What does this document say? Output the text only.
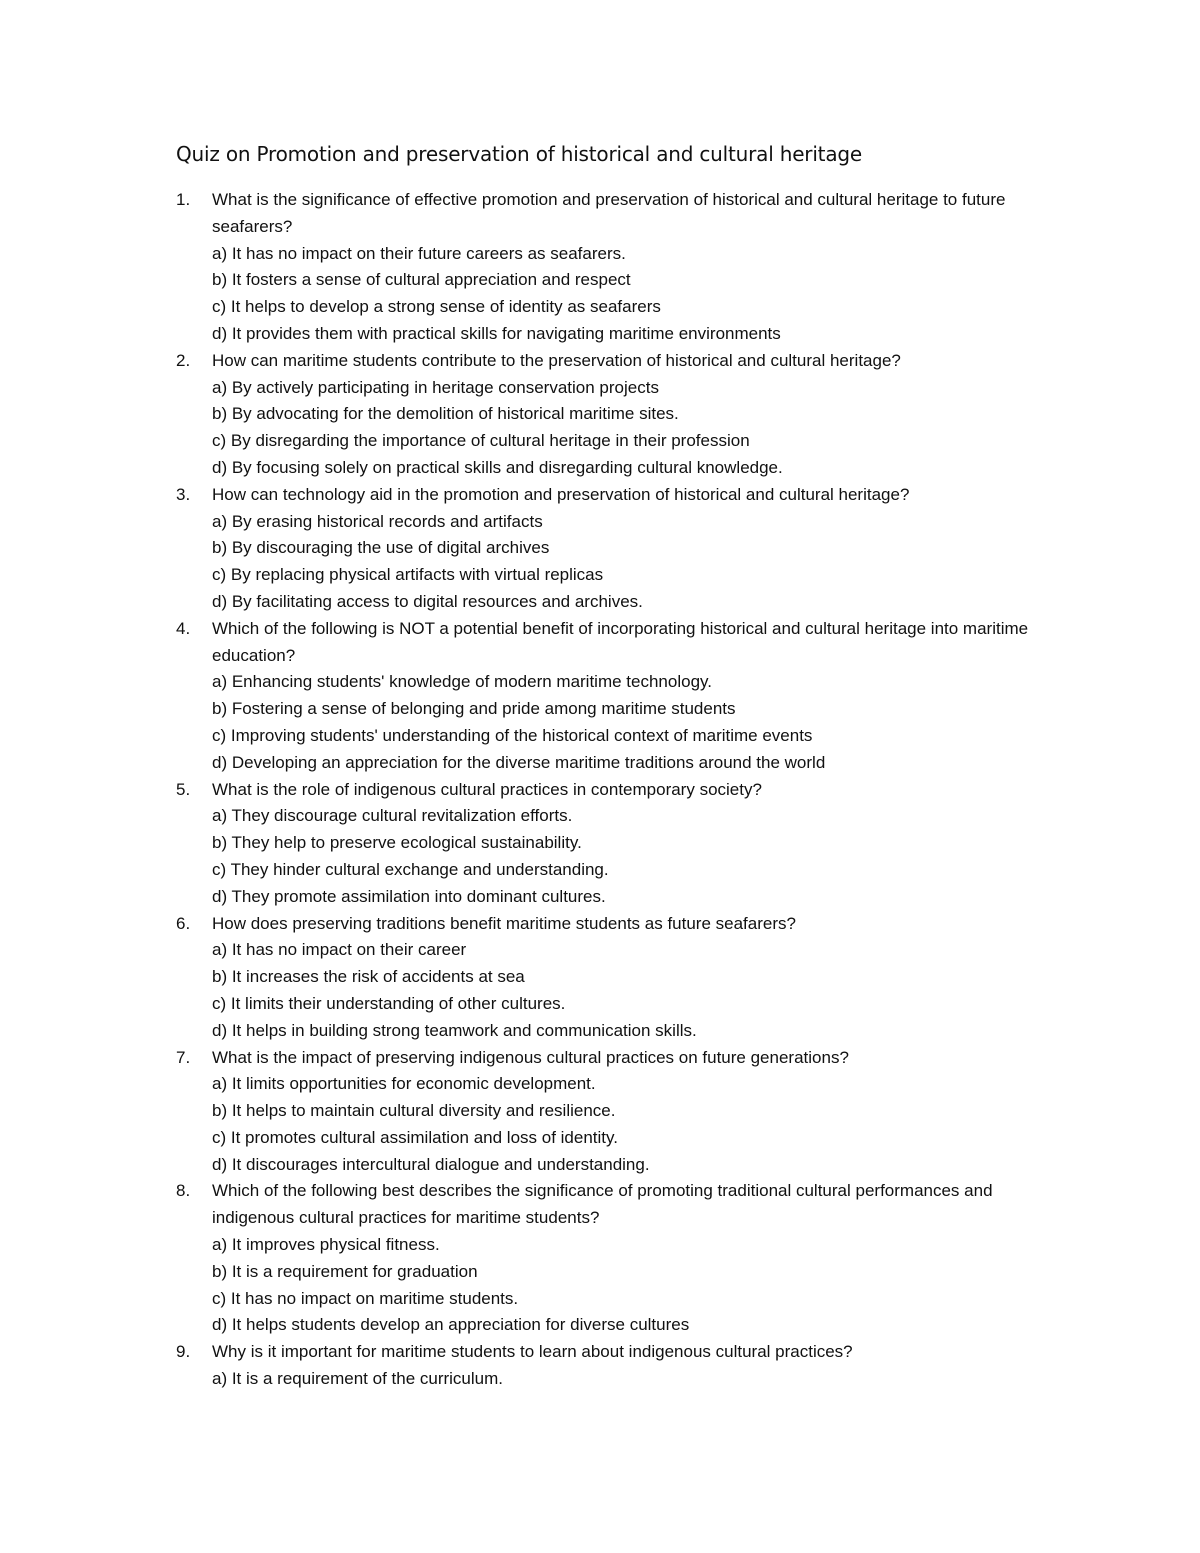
Quiz on Promotion and preservation of historical and cultural heritage
1.	What is the significance of effective promotion and preservation of historical and cultural heritage to future seafarers?
a) It has no impact on their future careers as seafarers.
b) It fosters a sense of cultural appreciation and respect
c) It helps to develop a strong sense of identity as seafarers
d) It provides them with practical skills for navigating maritime environments
2.	How can maritime students contribute to the preservation of historical and cultural heritage?
a) By actively participating in heritage conservation projects
b) By advocating for the demolition of historical maritime sites.
c) By disregarding the importance of cultural heritage in their profession
d) By focusing solely on practical skills and disregarding cultural knowledge.
3.	How can technology aid in the promotion and preservation of historical and cultural heritage?
a) By erasing historical records and artifacts
b) By discouraging the use of digital archives
c) By replacing physical artifacts with virtual replicas
d) By facilitating access to digital resources and archives.
4.	Which of the following is NOT a potential benefit of incorporating historical and cultural heritage into maritime education?
a) Enhancing students' knowledge of modern maritime technology.
b) Fostering a sense of belonging and pride among maritime students
c) Improving students' understanding of the historical context of maritime events
d) Developing an appreciation for the diverse maritime traditions around the world
5.	What is the role of indigenous cultural practices in contemporary society?
a) They discourage cultural revitalization efforts.
b) They help to preserve ecological sustainability.
c) They hinder cultural exchange and understanding.
d) They promote assimilation into dominant cultures.
6.	How does preserving traditions benefit maritime students as future seafarers?
a) It has no impact on their career
b) It increases the risk of accidents at sea
c) It limits their understanding of other cultures.
d) It helps in building strong teamwork and communication skills.
7.	What is the impact of preserving indigenous cultural practices on future generations?
a) It limits opportunities for economic development.
b) It helps to maintain cultural diversity and resilience.
c) It promotes cultural assimilation and loss of identity.
d) It discourages intercultural dialogue and understanding.
8.	Which of the following best describes the significance of promoting traditional cultural performances and indigenous cultural practices for maritime students?
a) It improves physical fitness.
b) It is a requirement for graduation
c) It has no impact on maritime students.
d) It helps students develop an appreciation for diverse cultures
9.	Why is it important for maritime students to learn about indigenous cultural practices?
a) It is a requirement of the curriculum.
